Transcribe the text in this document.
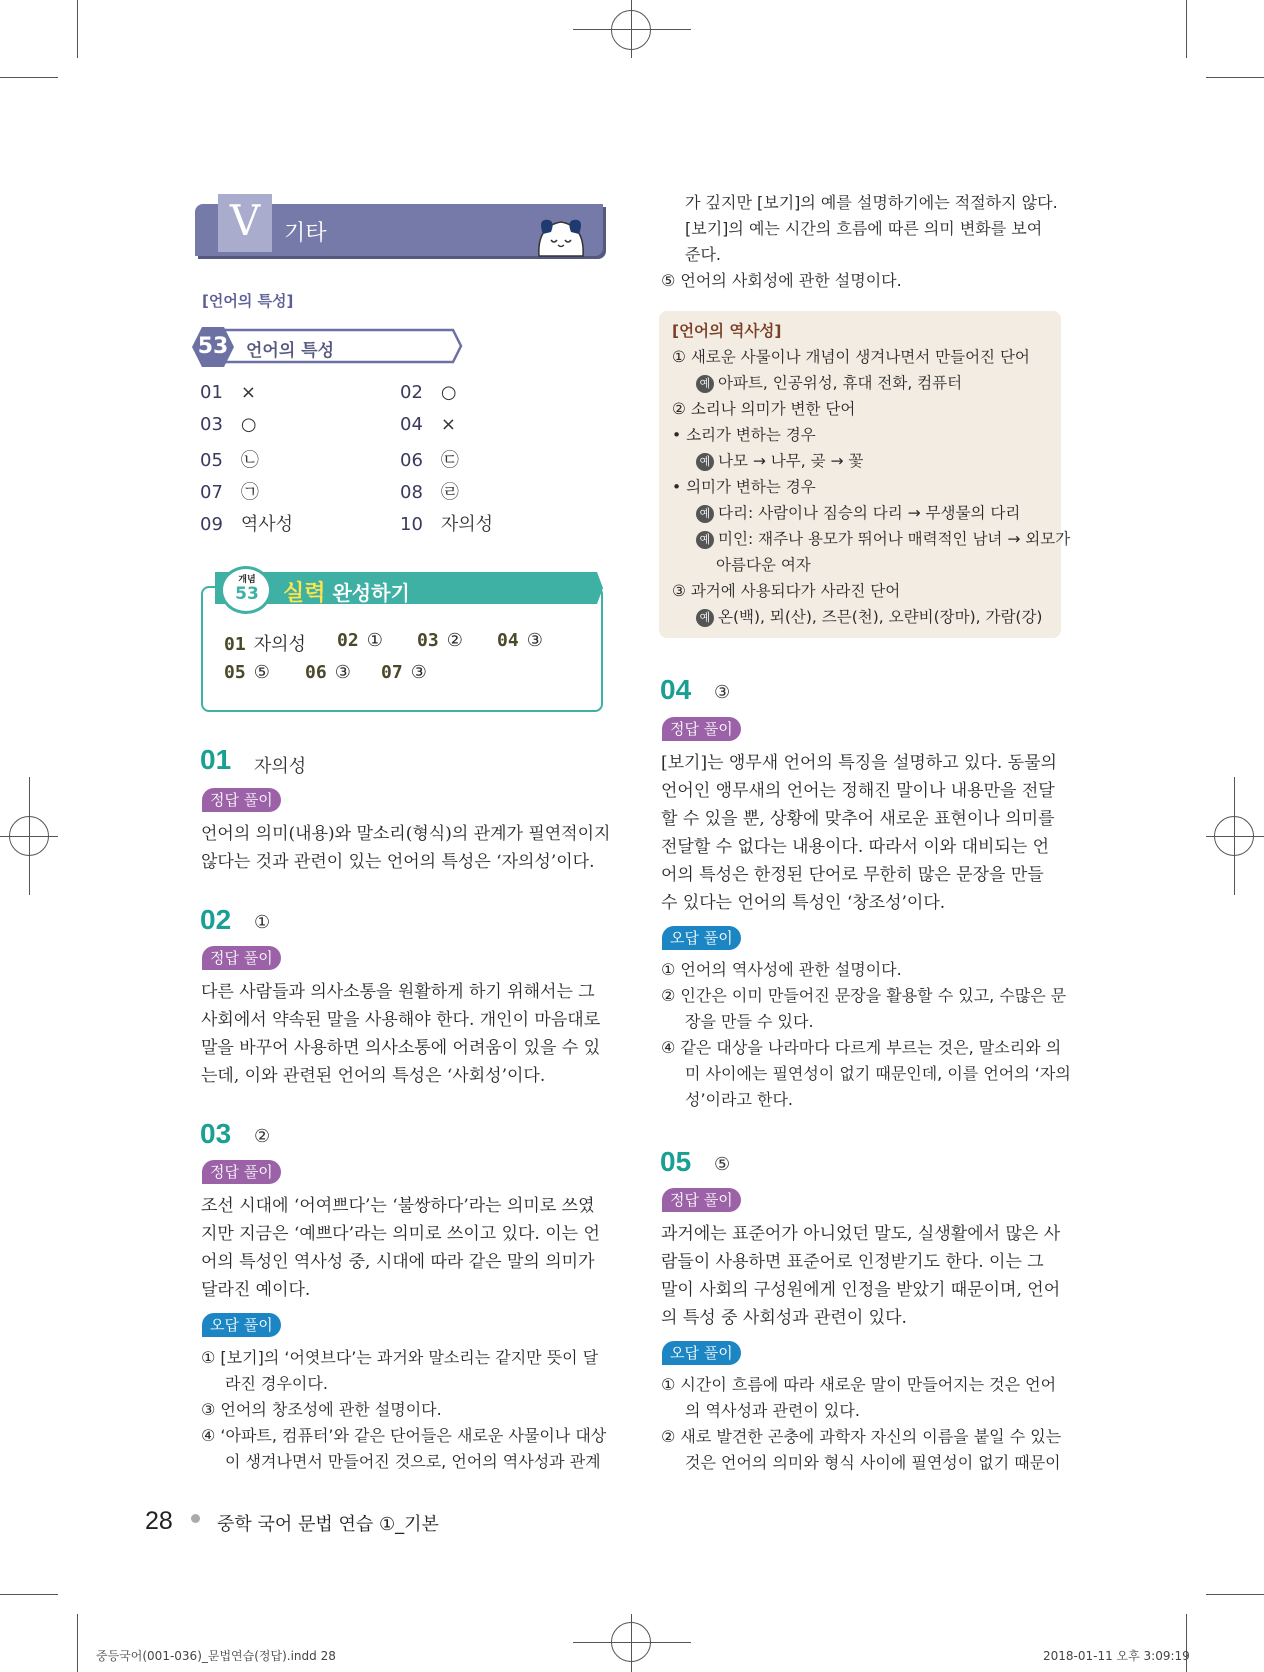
V	기타
[언어의 특성]
53	언어의 특성
01 ×	02 ○
03 ○	04 ×
05 ㉡	06 ㉢
07 ㉠	08 ㉣
09 역사성	10 자의성
개념
53	실력 완성하기
01 자의성 02 ① 03 ② 04 ③
05 ⑤ 06 ③ 07 ③
01 자의성
정답 풀이
언어의 의미(내용)와 말소리(형식)의 관계가 필연적이지
않다는 것과 관련이 있는 언어의 특성은 ‘자의성’이다.
02 ①
정답 풀이
다른 사람들과 의사소통을 원활하게 하기 위해서는 그
사회에서 약속된 말을 사용해야 한다. 개인이 마음대로
말을 바꾸어 사용하면 의사소통에 어려움이 있을 수 있
는데, 이와 관련된 언어의 특성은 ‘사회성’이다.
03 ②
정답 풀이
조선 시대에 ‘어여쁘다’는 ‘불쌍하다’라는 의미로 쓰였
지만 지금은 ‘예쁘다’라는 의미로 쓰이고 있다. 이는 언
어의 특성인 역사성 중, 시대에 따라 같은 말의 의미가
달라진 예이다.
오답 풀이
① [보기]의 ‘어엿브다’는 과거와 말소리는 같지만 뜻이 달
라진 경우이다.
③ 언어의 창조성에 관한 설명이다.
④ ‘아파트, 컴퓨터’와 같은 단어들은 새로운 사물이나 대상
이 생겨나면서 만들어진 것으로, 언어의 역사성과 관계
가 깊지만 [보기]의 예를 설명하기에는 적절하지 않다.
[보기]의 예는 시간의 흐름에 따른 의미 변화를 보여
준다.
⑤ 언어의 사회성에 관한 설명이다.
[언어의 역사성]
① 새로운 사물이나 개념이 생겨나면서 만들어진 단어
예 아파트, 인공위성, 휴대 전화, 컴퓨터
② 소리나 의미가 변한 단어
• 소리가 변하는 경우
예 나모 → 나무, 곶 → 꽃
• 의미가 변하는 경우
예 다리: 사람이나 짐승의 다리 → 무생물의 다리
예 미인: 재주나 용모가 뛰어나 매력적인 남녀 → 외모가
아름다운 여자
③ 과거에 사용되다가 사라진 단어
예 온(백), 뫼(산), 즈믄(천), 오랸비(장마), 가람(강)
04 ③
정답 풀이
[보기]는 앵무새 언어의 특징을 설명하고 있다. 동물의
언어인 앵무새의 언어는 정해진 말이나 내용만을 전달
할 수 있을 뿐, 상황에 맞추어 새로운 표현이나 의미를
전달할 수 없다는 내용이다. 따라서 이와 대비되는 언
어의 특성은 한정된 단어로 무한히 많은 문장을 만들
수 있다는 언어의 특성인 ‘창조성’이다.
오답 풀이
① 언어의 역사성에 관한 설명이다.
② 인간은 이미 만들어진 문장을 활용할 수 있고, 수많은 문
장을 만들 수 있다.
④ 같은 대상을 나라마다 다르게 부르는 것은, 말소리와 의
미 사이에는 필연성이 없기 때문인데, 이를 언어의 ‘자의
성’이라고 한다.
05 ⑤
정답 풀이
과거에는 표준어가 아니었던 말도, 실생활에서 많은 사
람들이 사용하면 표준어로 인정받기도 한다. 이는 그
말이 사회의 구성원에게 인정을 받았기 때문이며, 언어
의 특성 중 사회성과 관련이 있다.
오답 풀이
① 시간이 흐름에 따라 새로운 말이 만들어지는 것은 언어
의 역사성과 관련이 있다.
② 새로 발견한 곤충에 과학자 자신의 이름을 붙일 수 있는
것은 언어의 의미와 형식 사이에 필연성이 없기 때문이
28 중학 국어 문법 연습 ①_기본
중등국어(001-036)_문법연습(정답).indd 28	2018-01-11 오후 3:09:19
